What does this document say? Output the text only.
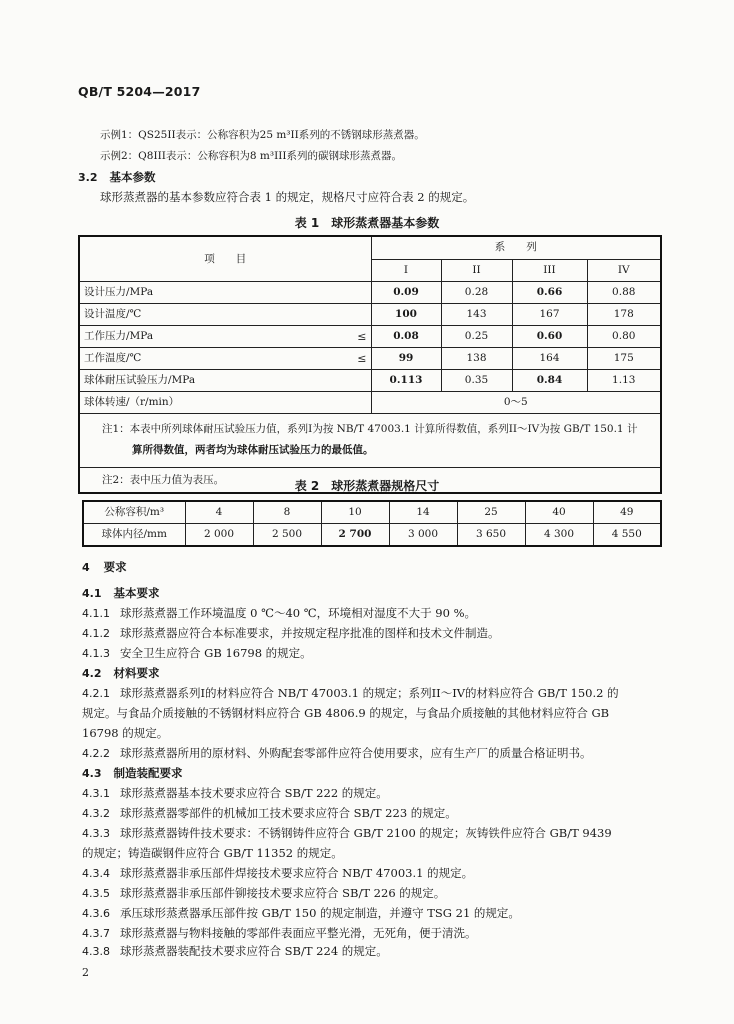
QB/T 5204—2017
示例1：QS25II表示：公称容积为25 m³II系列的不锈钢球形蒸煮器。
示例2：Q8III表示：公称容积为8 m³III系列的碳钢球形蒸煮器。
3.2 基本参数
球形蒸煮器的基本参数应符合表 1 的规定，规格尺寸应符合表 2 的规定。
表 1　球形蒸煮器基本参数
项　　目	系　　列			
	I	II	III	IV
设计压力/MPa	0.09	0.28	0.66	0.88
设计温度/℃	100	143	167	178
工作压力/MPa ≤	0.08	0.25	0.60	0.80
工作温度/℃ ≤	99	138	164	175
球体耐压试验压力/MPa	0.113	0.35	0.84	1.13
球体转速/（r/min）	0～5			

注1：本表中所列球体耐压试验压力值，系列I为按 NB/T 47003.1 计算所得数值，系列II～IV为按 GB/T 150.1 计
算所得数值，两者均为球体耐压试验压力的最低值。				

注2：表中压力值为表压。					表 2　球形蒸煮器规格尺寸
公称容积/m³	4	8	10	14	25	40	49
球体内径/mm	2 000	2 500	2 700	3 000	3 650	4 300	4 550
4 要求
4.1 基本要求
4.1.1 球形蒸煮器工作环境温度 0 ℃～40 ℃，环境相对湿度不大于 90 %。
4.1.2 球形蒸煮器应符合本标准要求，并按规定程序批准的图样和技术文件制造。
4.1.3 安全卫生应符合 GB 16798 的规定。
4.2 材料要求
4.2.1 球形蒸煮器系列I的材料应符合 NB/T 47003.1 的规定；系列II～IV的材料应符合 GB/T 150.2 的
规定。与食品介质接触的不锈钢材料应符合 GB 4806.9 的规定，与食品介质接触的其他材料应符合 GB
16798 的规定。
4.2.2 球形蒸煮器所用的原材料、外购配套零部件应符合使用要求，应有生产厂的质量合格证明书。
4.3 制造装配要求
4.3.1 球形蒸煮器基本技术要求应符合 SB/T 222 的规定。
4.3.2 球形蒸煮器零部件的机械加工技术要求应符合 SB/T 223 的规定。
4.3.3 球形蒸煮器铸件技术要求：不锈钢铸件应符合 GB/T 2100 的规定；灰铸铁件应符合 GB/T 9439
的规定；铸造碳钢件应符合 GB/T 11352 的规定。
4.3.4 球形蒸煮器非承压部件焊接技术要求应符合 NB/T 47003.1 的规定。
4.3.5 球形蒸煮器非承压部件铆接技术要求应符合 SB/T 226 的规定。
4.3.6 承压球形蒸煮器承压部件按 GB/T 150 的规定制造，并遵守 TSG 21 的规定。
4.3.7 球形蒸煮器与物料接触的零部件表面应平整光滑，无死角，便于清洗。
4.3.8 球形蒸煮器装配技术要求应符合 SB/T 224 的规定。
2
